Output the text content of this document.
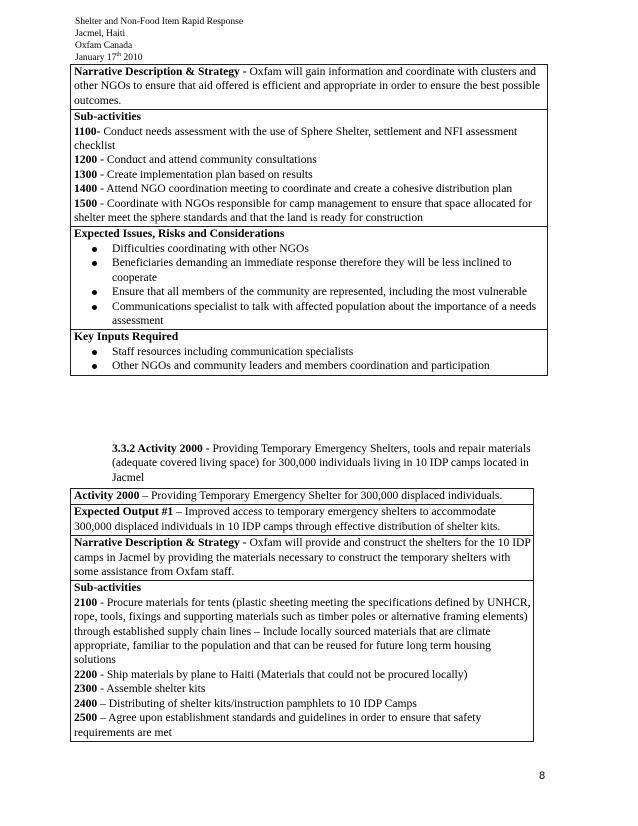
Shelter and Non-Food Item Rapid Response
Jacmel, Haiti
Oxfam Canada
January 17th 2010
Narrative Description & Strategy - Oxfam will gain information and coordinate with clusters and other NGOs to ensure that aid offered is efficient and appropriate in order to ensure the best possible outcomes.

Sub-activities
1100- Conduct needs assessment with the use of Sphere Shelter, settlement and NFI assessment checklist
1200 - Conduct and attend community consultations
1300 - Create implementation plan based on results
1400 - Attend NGO coordination meeting to coordinate and create a cohesive distribution plan
1500 - Coordinate with NGOs responsible for camp management to ensure that space allocated for shelter meet the sphere standards and that the land is ready for construction

Expected Issues, Risks and Considerations
Difficulties coordinating with other NGOs
Beneficiaries demanding an immediate response therefore they will be less inclined to cooperate
Ensure that all members of the community are represented, including the most vulnerable
Communications specialist to talk with affected population about the importance of a needs assessment

Key Inputs Required
Staff resources including communication specialists
Other NGOs and community leaders and members coordination and participation
3.3.2 Activity 2000 - Providing Temporary Emergency Shelters, tools and repair materials (adequate covered living space) for 300,000 individuals living in 10 IDP camps located in Jacmel
Activity 2000 – Providing Temporary Emergency Shelter for 300,000 displaced individuals.
Expected Output #1 – Improved access to temporary emergency shelters to accommodate 300,000 displaced individuals in 10 IDP camps through effective distribution of shelter kits.
Narrative Description & Strategy - Oxfam will provide and construct the shelters for the 10 IDP camps in Jacmel by providing the materials necessary to construct the temporary shelters with some assistance from Oxfam staff.

Sub-activities
2100 - Procure materials for tents (plastic sheeting meeting the specifications defined by UNHCR, rope, tools, fixings and supporting materials such as timber poles or alternative framing elements) through established supply chain lines – Include locally sourced materials that are climate appropriate, familiar to the population and that can be reused for future long term housing solutions
2200 - Ship materials by plane to Haiti (Materials that could not be procured locally)
2300 - Assemble shelter kits
2400 – Distributing of shelter kits/instruction pamphlets to 10 IDP Camps
2500 – Agree upon establishment standards and guidelines in order to ensure that safety requirements are met
8
